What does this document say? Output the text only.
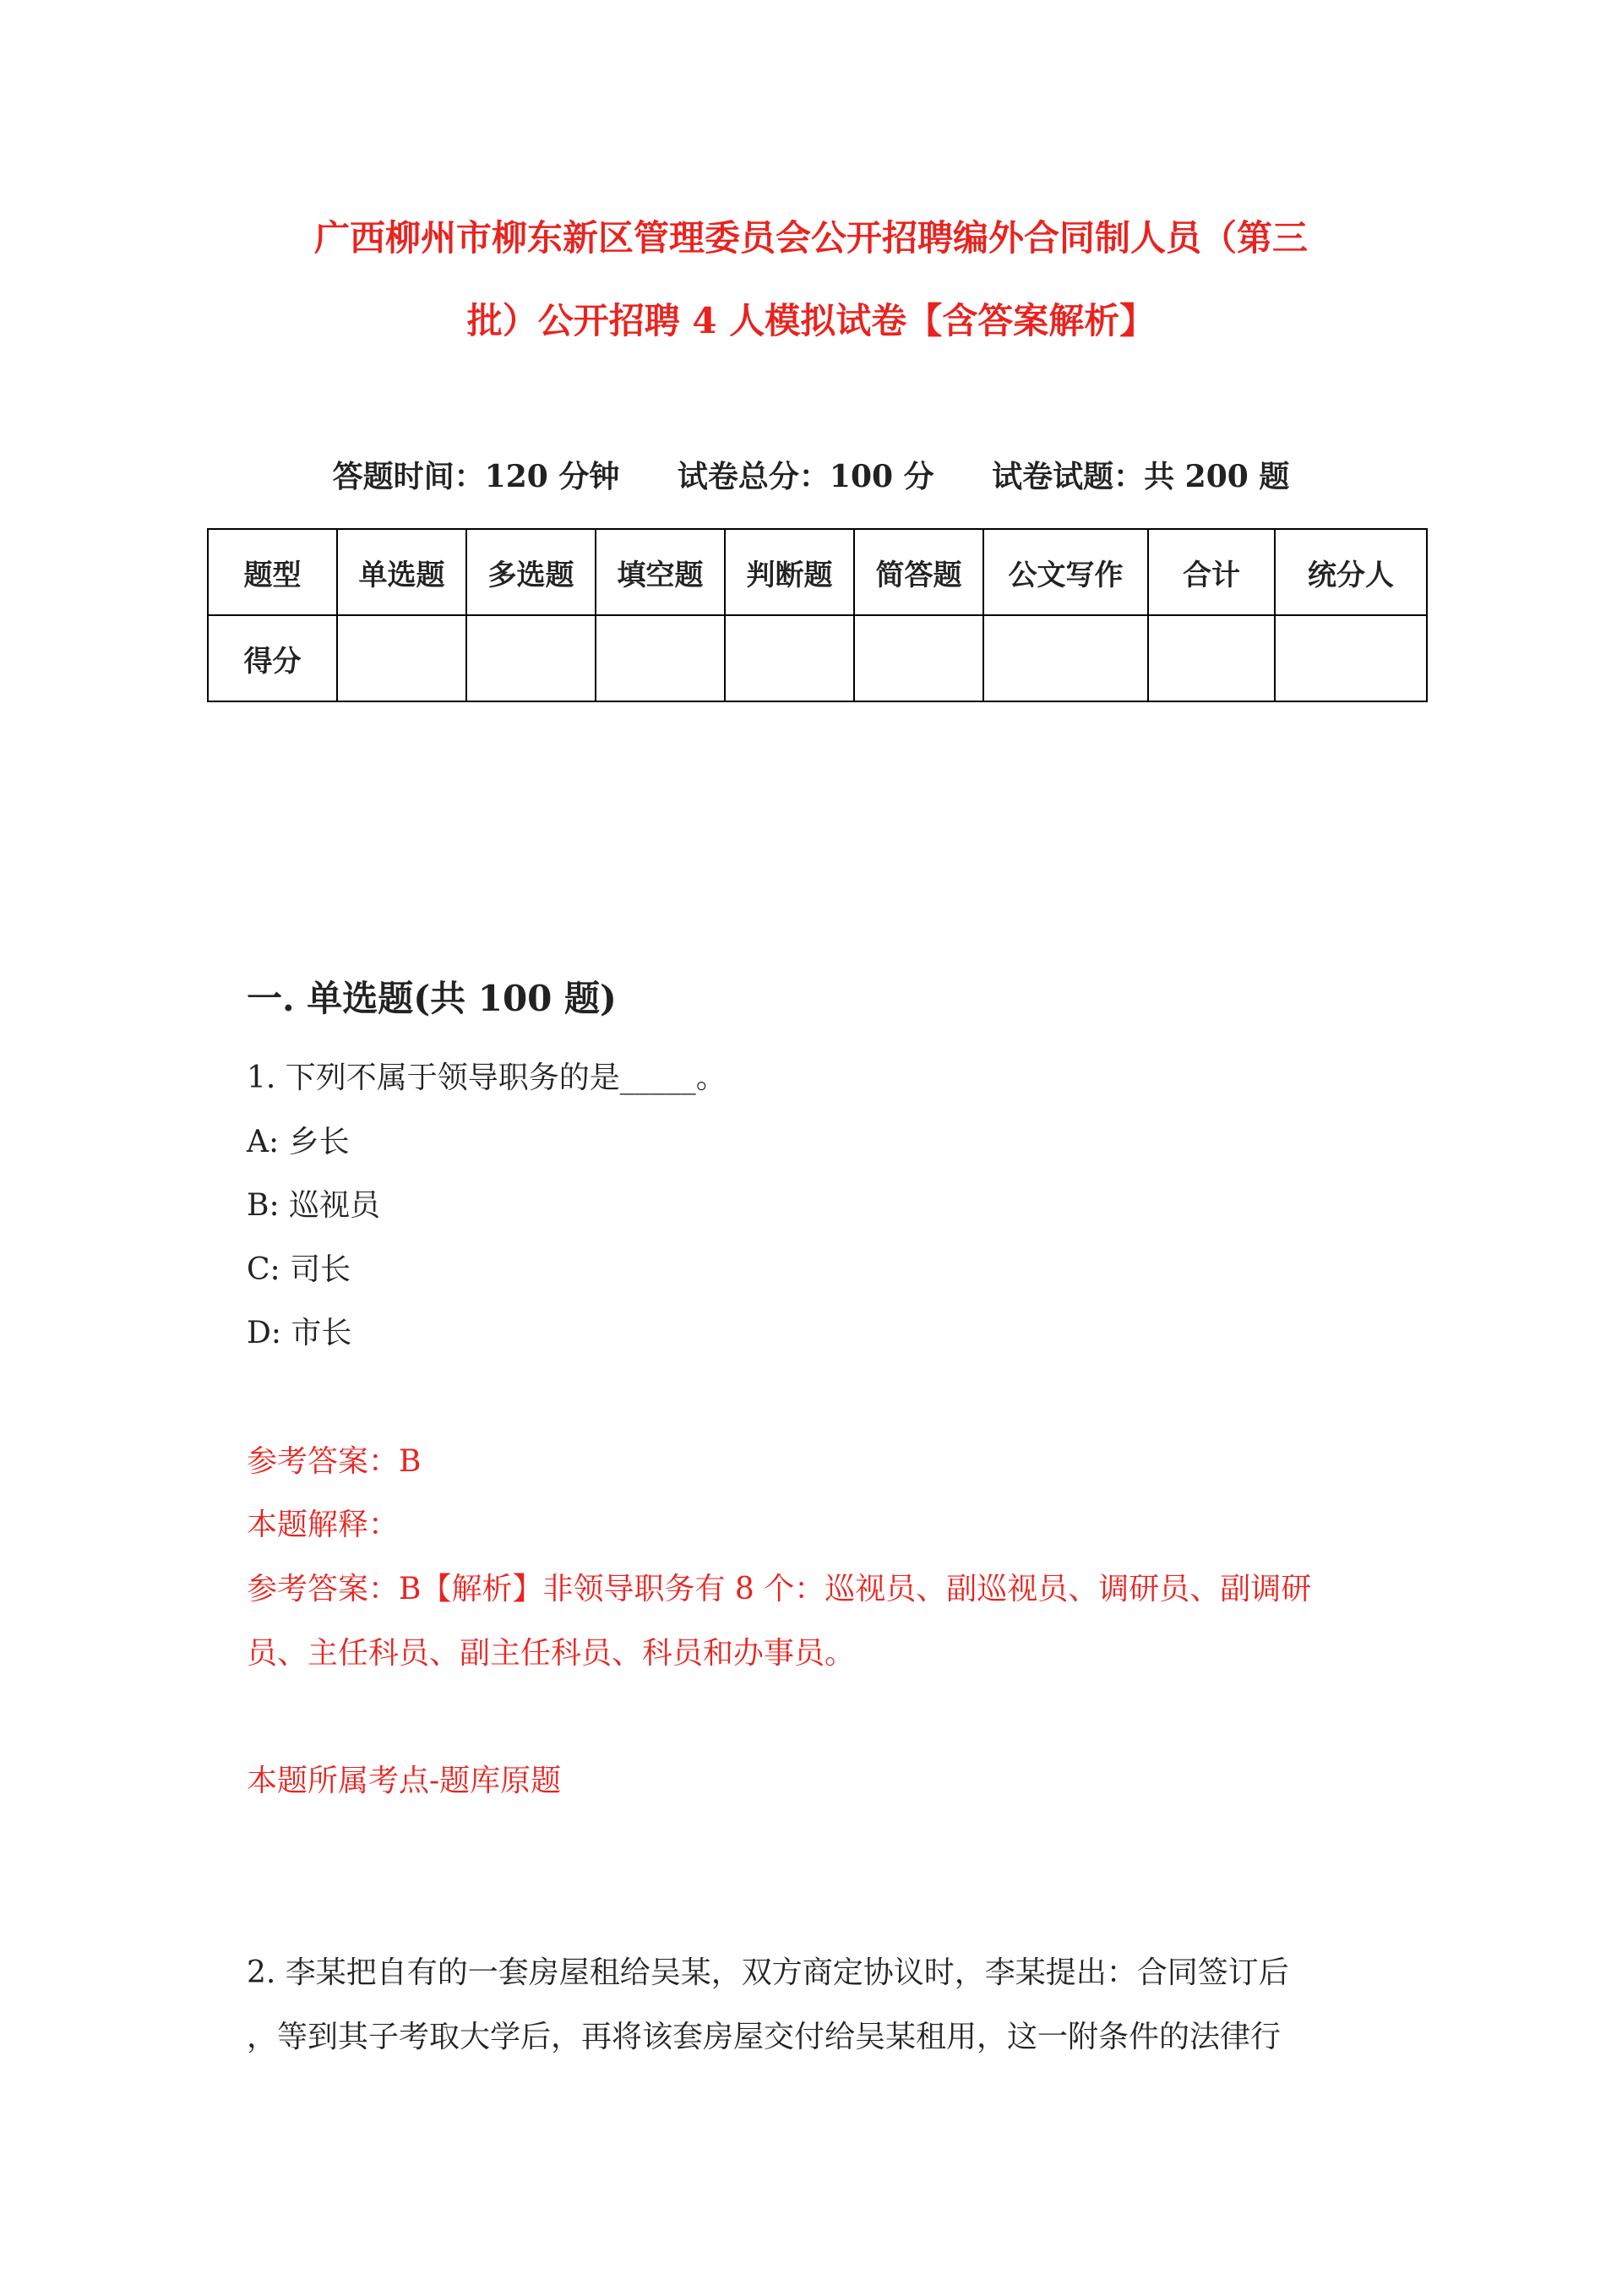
广西柳州市柳东新区管理委员会公开招聘编外合同制人员（第三
批）公开招聘 4 人模拟试卷【含答案解析】
答题时间：120 分钟 试卷总分：100 分 试卷试题：共 200 题
题型	单选题	多选题	填空题	判断题	简答题	公文写作	合计	统分人
得分								
一. 单选题(共 100 题)
1. 下列不属于领导职务的是_____。
A: 乡长
B: 巡视员
C: 司长
D: 市长
参考答案：B
本题解释：
参考答案：B【解析】非领导职务有 8 个：巡视员、副巡视员、调研员、副调研
员、主任科员、副主任科员、科员和办事员。
本题所属考点-题库原题
2. 李某把自有的一套房屋租给吴某，双方商定协议时，李某提出：合同签订后
，等到其子考取大学后，再将该套房屋交付给吴某租用，这一附条件的法律行
